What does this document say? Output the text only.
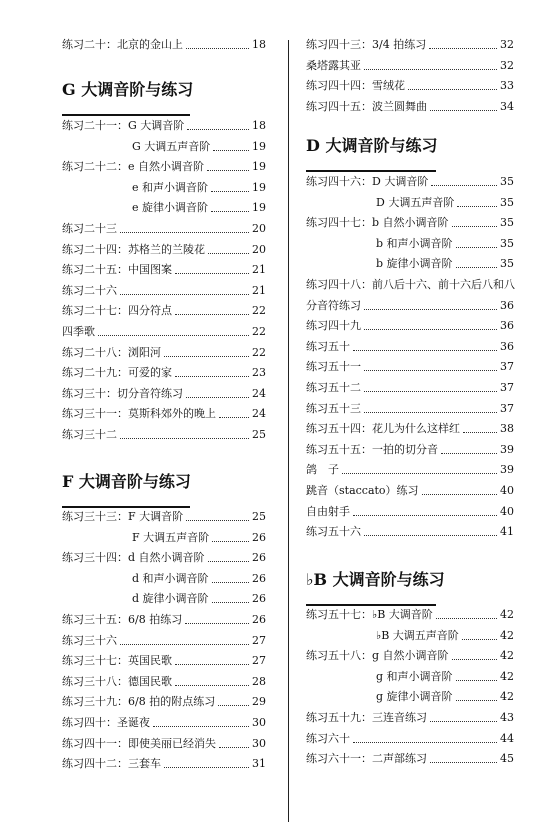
练习二十：北京的金山上	18
G 大调音阶与练习
练习二十一：G 大调音阶	18
G 大调五声音阶	19
练习二十二：e 自然小调音阶	19
e 和声小调音阶	19
e 旋律小调音阶	19
练习二十三	20
练习二十四：苏格兰的兰陵花	20
练习二十五：中国图案	21
练习二十六	21
练习二十七：四分符点	22
四季歌	22
练习二十八：浏阳河	22
练习二十九：可爱的家	23
练习三十：切分音符练习	24
练习三十一：莫斯科郊外的晚上	24
练习三十二	25
F 大调音阶与练习
练习三十三：F 大调音阶	25
F 大调五声音阶	26
练习三十四：d 自然小调音阶	26
d 和声小调音阶	26
d 旋律小调音阶	26
练习三十五：6/8 拍练习	26
练习三十六	27
练习三十七：英国民歌	27
练习三十八：德国民歌	28
练习三十九：6/8 拍的附点练习	29
练习四十：圣诞夜	30
练习四十一：即使美丽已经消失	30
练习四十二：三套车	31
练习四十三：3/4 拍练习	32
桑塔露其亚	32
练习四十四：雪绒花	33
练习四十五：波兰圆舞曲	34
D 大调音阶与练习
练习四十六：D 大调音阶	35
D 大调五声音阶	35
练习四十七：b 自然小调音阶	35
b 和声小调音阶	35
b 旋律小调音阶	35
练习四十八：前八后十六、前十六后八和八
分音符练习	36
练习四十九	36
练习五十	36
练习五十一	37
练习五十二	37
练习五十三	37
练习五十四：花儿为什么这样红	38
练习五十五：一拍的切分音	39
鸽　子	39
跳音（staccato）练习	40
自由射手	40
练习五十六	41
♭B 大调音阶与练习
练习五十七：♭B 大调音阶	42
♭B 大调五声音阶	42
练习五十八：g 自然小调音阶	42
g 和声小调音阶	42
g 旋律小调音阶	42
练习五十九：三连音练习	43
练习六十	44
练习六十一：二声部练习	45
